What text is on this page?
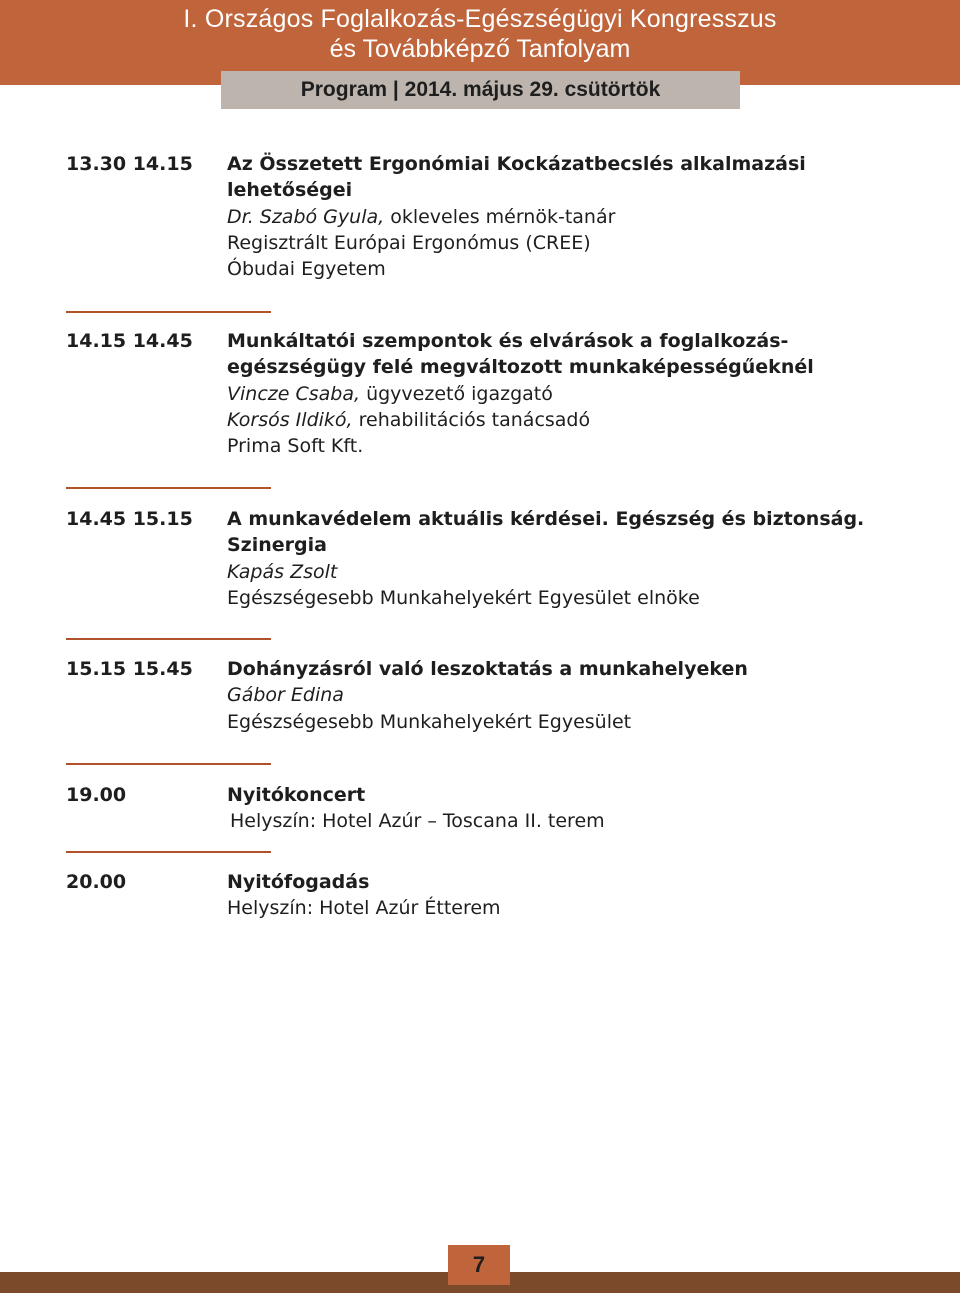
I. Országos Foglalkozás-Egészségügyi Kongresszus
és Továbbképző Tanfolyam
Program | 2014. május 29. csütörtök
13.30 14.15	Az Összetett Ergonómiai Kockázatbecslés alkalmazási
lehetőségei
Dr. Szabó Gyula, okleveles mérnök-tanár
Regisztrált Európai Ergonómus (CREE)
Óbudai Egyetem
14.15 14.45	Munkáltatói szempontok és elvárások a foglalkozás-
egészségügy felé megváltozott munkaképességűeknél
Vincze Csaba, ügyvezető igazgató
Korsós Ildikó, rehabilitációs tanácsadó
Prima Soft Kft.
14.45 15.15	A munkavédelem aktuális kérdései. Egészség és biztonság.
Szinergia
Kapás Zsolt
Egészségesebb Munkahelyekért Egyesület elnöke
15.15 15.45	Dohányzásról való leszoktatás a munkahelyeken
Gábor Edina
Egészségesebb Munkahelyekért Egyesület
19.00	Nyitókoncert
Helyszín: Hotel Azúr – Toscana II. terem
20.00	Nyitófogadás
Helyszín: Hotel Azúr Étterem
7
